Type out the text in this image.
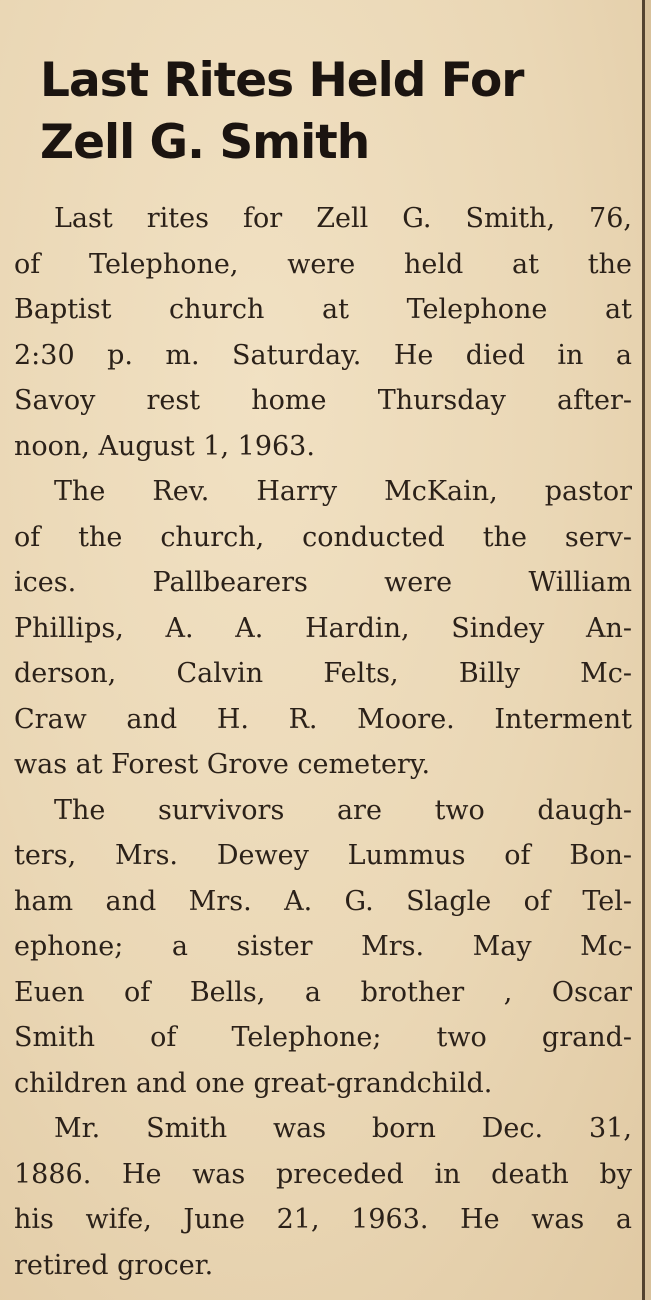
Last Rites Held For
Zell G. Smith

Last rites for Zell G. Smith, 76,
of Telephone, were held at the
Baptist church at Telephone at
2:30 p. m. Saturday. He died in a
Savoy rest home Thursday after-
noon, August 1, 1963.

The Rev. Harry McKain, pastor
of the church, conducted the serv-
ices. Pallbearers were William
Phillips, A. A. Hardin, Sindey An-
derson, Calvin Felts, Billy Mc-
Craw and H. R. Moore. Interment
was at Forest Grove cemetery.

The survivors are two daugh-
ters, Mrs. Dewey Lummus of Bon-
ham and Mrs. A. G. Slagle of Tel-
ephone; a sister Mrs. May Mc-
Euen of Bells, a brother , Oscar
Smith of Telephone; two grand-
children and one great-grandchild.

Mr. Smith was born Dec. 31,
1886. He was preceded in death by
his wife, June 21, 1963. He was a
retired grocer.
